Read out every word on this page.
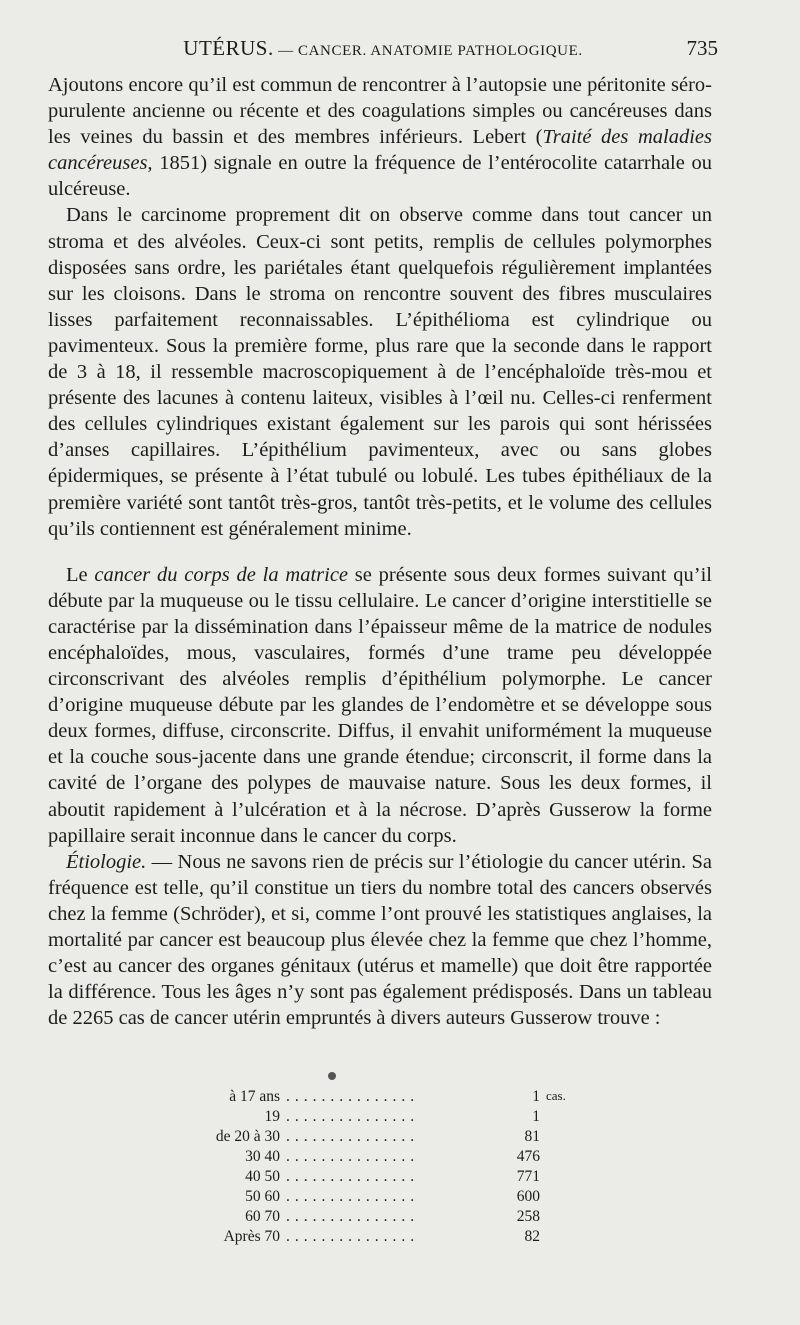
UTÉRUS. — CANCER. ANATOMIE PATHOLOGIQUE.	735

Ajoutons encore qu’il est commun de rencontrer à l’autopsie une péritonite séro-purulente ancienne ou récente et des coagulations simples ou cancéreuses dans les veines du bassin et des membres inférieurs. Lebert (Traité des maladies cancéreuses, 1851) signale en outre la fréquence de l’entérocolite catarrhale ou ulcéreuse.

Dans le carcinome proprement dit on observe comme dans tout cancer un stroma et des alvéoles. Ceux-ci sont petits, remplis de cellules polymorphes disposées sans ordre, les pariétales étant quelquefois régulièrement implantées sur les cloisons. Dans le stroma on rencontre souvent des fibres musculaires lisses parfaitement reconnaissables. L’épithélioma est cylindrique ou pavimenteux. Sous la première forme, plus rare que la seconde dans le rapport de 3 à 18, il ressemble macroscopiquement à de l’encéphaloïde très-mou et présente des lacunes à contenu laiteux, visibles à l’œil nu. Celles-ci renferment des cellules cylindriques existant également sur les parois qui sont hérissées d’anses capillaires. L’épithélium pavimenteux, avec ou sans globes épidermiques, se présente à l’état tubulé ou lobulé. Les tubes épithéliaux de la première variété sont tantôt très-gros, tantôt très-petits, et le volume des cellules qu’ils contiennent est généralement minime.

Le cancer du corps de la matrice se présente sous deux formes suivant qu’il débute par la muqueuse ou le tissu cellulaire. Le cancer d’origine interstitielle se caractérise par la dissémination dans l’épaisseur même de la matrice de nodules encéphaloïdes, mous, vasculaires, formés d’une trame peu développée circonscrivant des alvéoles remplis d’épithélium polymorphe. Le cancer d’origine muqueuse débute par les glandes de l’endomètre et se développe sous deux formes, diffuse, circonscrite. Diffus, il envahit uniformément la muqueuse et la couche sous-jacente dans une grande étendue; circonscrit, il forme dans la cavité de l’organe des polypes de mauvaise nature. Sous les deux formes, il aboutit rapidement à l’ulcération et à la nécrose. D’après Gusserow la forme papillaire serait inconnue dans le cancer du corps.

Étiologie. — Nous ne savons rien de précis sur l’étiologie du cancer utérin. Sa fréquence est telle, qu’il constitue un tiers du nombre total des cancers observés chez la femme (Schröder), et si, comme l’ont prouvé les statistiques anglaises, la mortalité par cancer est beaucoup plus élevée chez la femme que chez l’homme, c’est au cancer des organes génitaux (utérus et mamelle) que doit être rapportée la différence. Tous les âges n’y sont pas également prédisposés. Dans un tableau de 2265 cas de cancer utérin empruntés à divers auteurs Gusserow trouve :

à 17 ans ...............	1 cas.
19 ...............	1
de 20 à 30 ...............	81
30 40 ...............	476
40 50 ...............	771
50 60 ...............	600
60 70 ...............	258
Après 70 ...............	82
